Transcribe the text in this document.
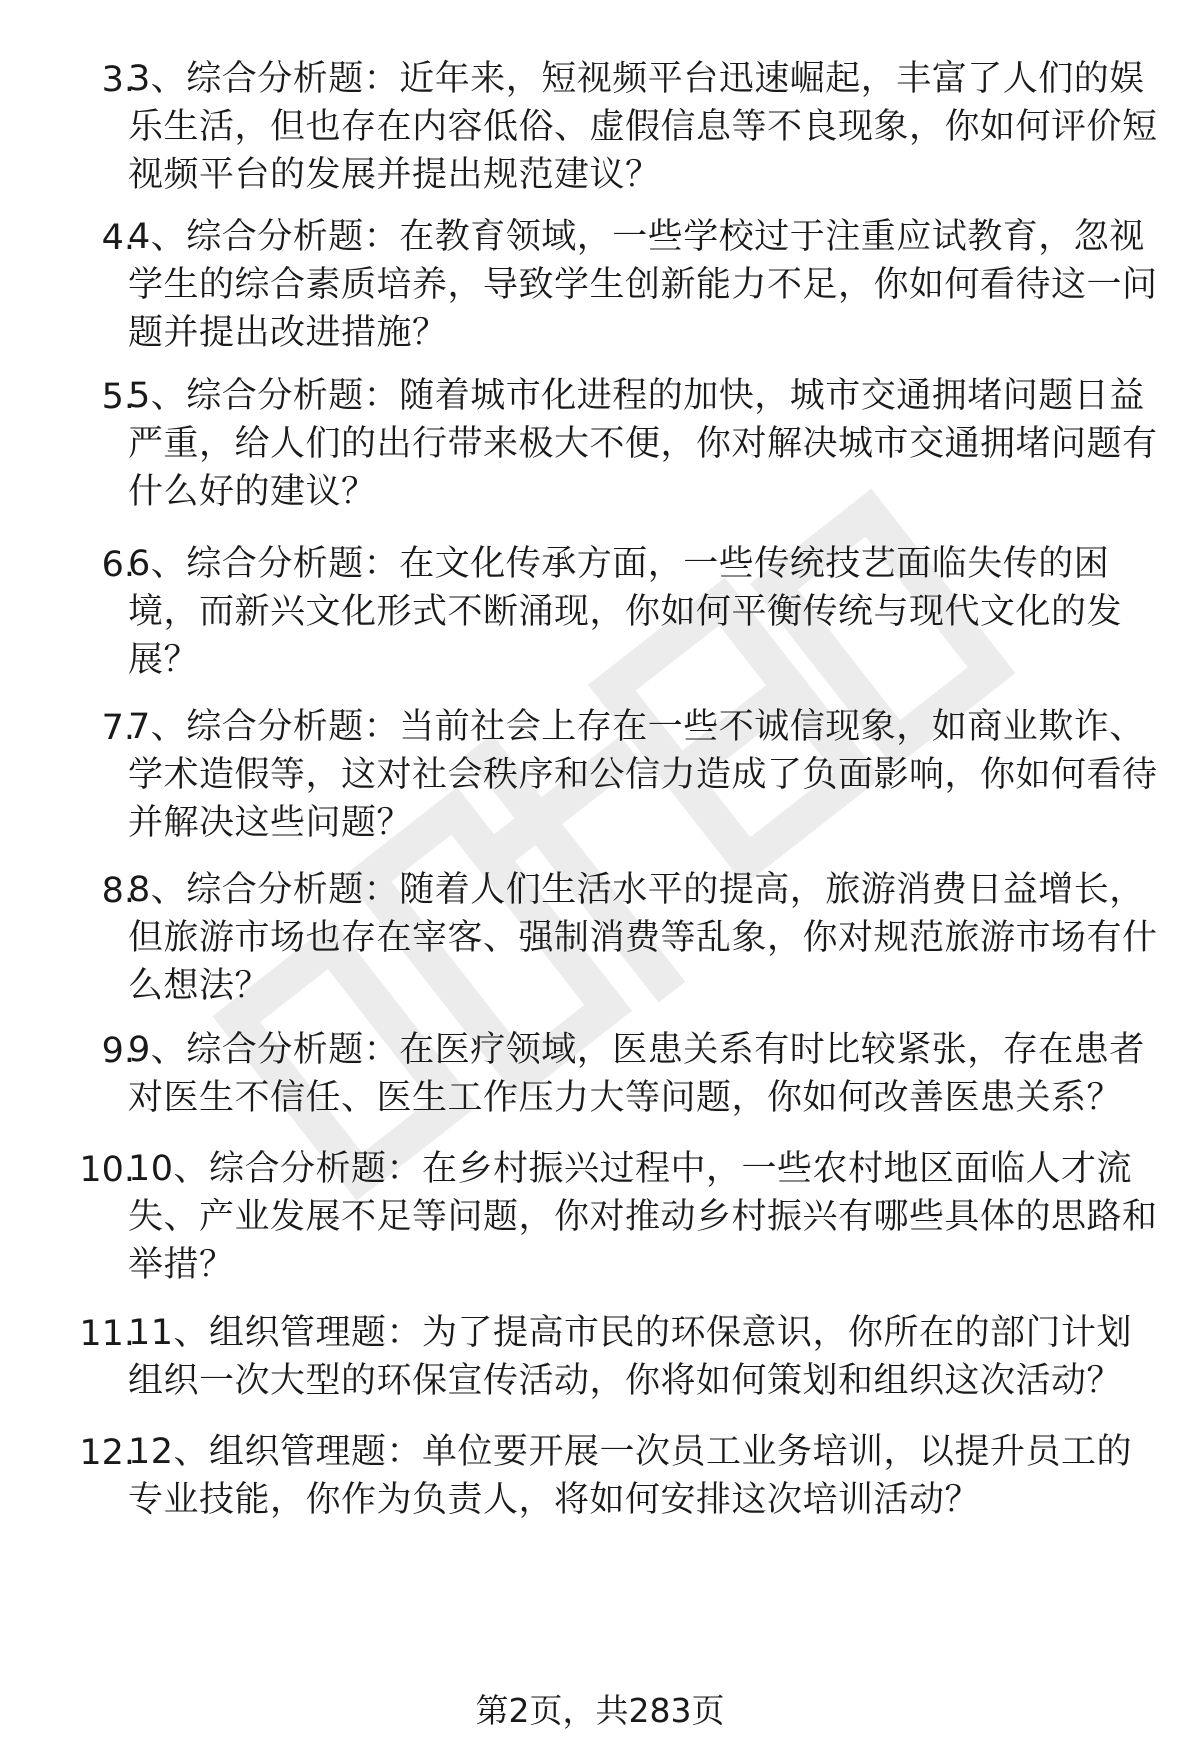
3.
3、综合分析题：近年来，短视频平台迅速崛起，丰富了人们的娱乐生活，但也存在内容低俗、虚假信息等不良现象，你如何评价短视频平台的发展并提出规范建议？
4.
4、综合分析题：在教育领域，一些学校过于注重应试教育，忽视学生的综合素质培养，导致学生创新能力不足，你如何看待这一问题并提出改进措施？
5.
5、综合分析题：随着城市化进程的加快，城市交通拥堵问题日益严重，给人们的出行带来极大不便，你对解决城市交通拥堵问题有什么好的建议？
6.
6、综合分析题：在文化传承方面，一些传统技艺面临失传的困境，而新兴文化形式不断涌现，你如何平衡传统与现代文化的发展？
7.
7、综合分析题：当前社会上存在一些不诚信现象，如商业欺诈、学术造假等，这对社会秩序和公信力造成了负面影响，你如何看待并解决这些问题？
8.
8、综合分析题：随着人们生活水平的提高，旅游消费日益增长，但旅游市场也存在宰客、强制消费等乱象，你对规范旅游市场有什么想法？
9.
9、综合分析题：在医疗领域，医患关系有时比较紧张，存在患者对医生不信任、医生工作压力大等问题，你如何改善医患关系？
10.
10、综合分析题：在乡村振兴过程中，一些农村地区面临人才流失、产业发展不足等问题，你对推动乡村振兴有哪些具体的思路和举措？
11.
11、组织管理题：为了提高市民的环保意识，你所在的部门计划组织一次大型的环保宣传活动，你将如何策划和组织这次活动？
12.
12、组织管理题：单位要开展一次员工业务培训，以提升员工的专业技能，你作为负责人，将如何安排这次培训活动？
第2页，共283页
